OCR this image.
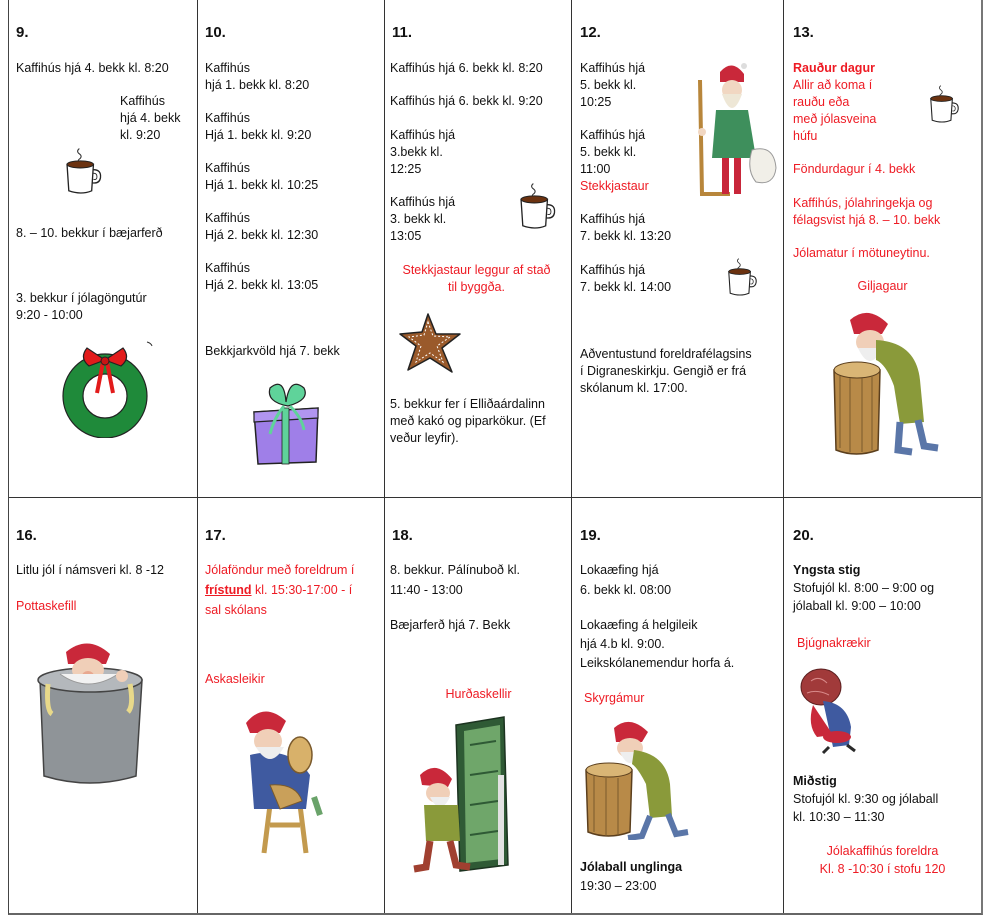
9.
Kaffihús hjá 4. bekk kl. 8:20
Kaffihús
hjá 4. bekk
kl. 9:20
8. – 10. bekkur í bæjarferð
3. bekkur í jólagöngutúr
9:20 - 10:00
10.
Kaffihús
hjá 1. bekk kl. 8:20
Kaffihús
Hjá 1. bekk kl. 9:20
Kaffihús
Hjá 1. bekk kl. 10:25
Kaffihús
Hjá 2. bekk kl. 12:30
Kaffihús
Hjá 2. bekk kl. 13:05
Bekkjarkvöld hjá 7. bekk
11.
Kaffihús hjá 6. bekk kl. 8:20
Kaffihús hjá 6. bekk kl. 9:20
Kaffihús hjá
3.bekk kl.
12:25
Kaffihús hjá
3. bekk kl.
13:05
Stekkjastaur leggur af stað
til byggða.
5. bekkur fer í Elliðaárdalinn
með kakó og piparkökur. (Ef
veður leyfir).
12.
Kaffihús hjá
5. bekk kl.
10:25
Kaffihús hjá
5. bekk kl.
11:00
Stekkjastaur
Kaffihús hjá
7. bekk kl. 13:20
Kaffihús hjá
7. bekk kl. 14:00
Aðventustund foreldrafélagsins
í Digraneskirkju. Gengið er frá
skólanum kl. 17:00.
13.
Rauður dagur
Allir að koma í
rauðu eða
með jólasveina
húfu
Föndurdagur í 4. bekk
Kaffihús, jólahringekja og
félagsvist hjá 8. – 10. bekk
Jólamatur í mötuneytinu.
Giljagaur
16.
Litlu jól í námsveri kl. 8 -12
Pottaskefill
17.
Jólaföndur með foreldrum í
frístund kl. 15:30-17:00 - í
sal skólans
Askasleikir
18.
8. bekkur. Pálínuboð kl.
11:40 - 13:00
Bæjarferð hjá 7. Bekk
Hurðaskellir
19.
Lokaæfing hjá
6. bekk kl. 08:00
Lokaæfing á helgileik
hjá 4.b kl. 9:00.
Leikskólanemendur horfa á.
Skyrgámur
Jólaball unglinga
19:30 – 23:00
20.
Yngsta stig
Stofujól kl. 8:00 – 9:00 og
jólaball kl. 9:00 – 10:00
Bjúgnakrækir
Miðstig
Stofujól kl. 9:30 og jólaball
kl. 10:30 – 11:30
Jólakaffihús foreldra
Kl. 8 -10:30 í stofu 120
